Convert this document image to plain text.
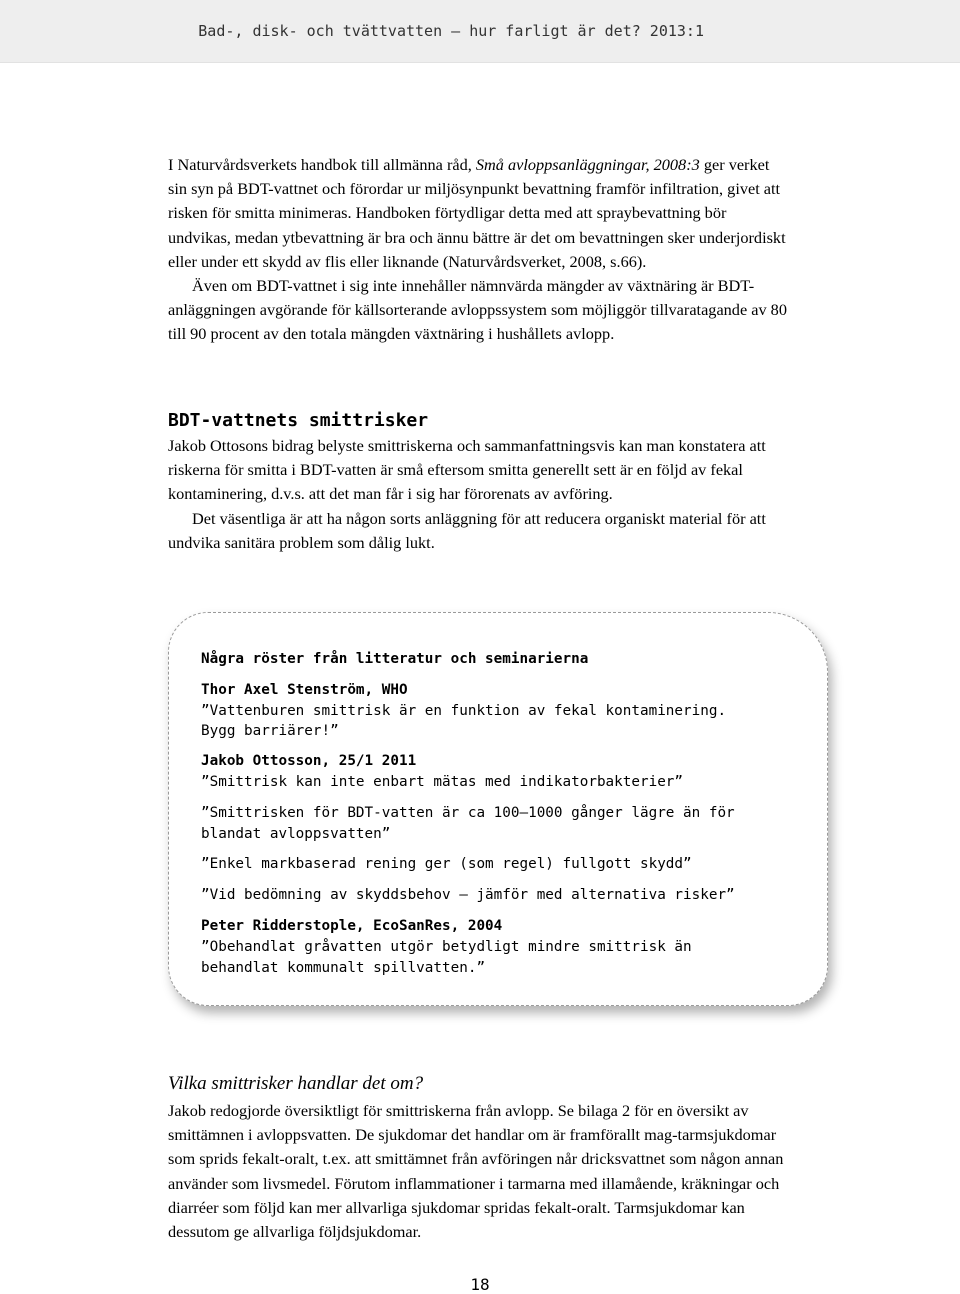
Bad-, disk- och tvättvatten – hur farligt är det? 2013:1

I Naturvårdsverkets handbok till allmänna råd, Små avloppsanläggningar, 2008:3 ger verket sin syn på BDT-vattnet och förordar ur miljösynpunkt bevattning framför infiltration, givet att risken för smitta minimeras. Handboken förtydligar detta med att spraybevattning bör undvikas, medan ytbevattning är bra och ännu bättre är det om bevattningen sker underjordiskt eller under ett skydd av flis eller liknande (Naturvårdsverket, 2008, s.66).

Även om BDT-vattnet i sig inte innehåller nämnvärda mängder av växtnäring är BDT-anläggningen avgörande för källsorterande avloppssystem som möjliggör tillvaratagande av 80 till 90 procent av den totala mängden växtnäring i hushållets avlopp.

BDT-vattnets smittrisker

Jakob Ottosons bidrag belyste smittriskerna och sammanfattningsvis kan man konstatera att riskerna för smitta i BDT-vatten är små eftersom smitta generellt sett är en följd av fekal kontaminering, d.v.s. att det man får i sig har förorenats av avföring.

Det väsentliga är att ha någon sorts anläggning för att reducera organiskt material för att undvika sanitära problem som dålig lukt.

Några röster från litteratur och seminarierna

Thor Axel Stenström, WHO

”Vattenburen smittrisk är en funktion av fekal kontaminering. Bygg barriärer!”

Jakob Ottosson, 25/1 2011

”Smittrisk kan inte enbart mätas med indikatorbakterier”

”Smittrisken för BDT-vatten är ca 100–1000 gånger lägre än för blandat avloppsvatten”

”Enkel markbaserad rening ger (som regel) fullgott skydd”

”Vid bedömning av skyddsbehov – jämför med alternativa risker”

Peter Ridderstople, EcoSanRes, 2004

”Obehandlat gråvatten utgör betydligt mindre smittrisk än behandlat kommunalt spillvatten.”

Vilka smittrisker handlar det om?

Jakob redogjorde översiktligt för smittriskerna från avlopp. Se bilaga 2 för en översikt av smittämnen i avloppsvatten. De sjukdomar det handlar om är framförallt mag-tarmsjukdomar som sprids fekalt-oralt, t.ex. att smittämnet från avföringen når dricksvattnet som någon annan använder som livsmedel. Förutom inflammationer i tarmarna med illamående, kräkningar och diarréer som följd kan mer allvarliga sjukdomar spridas fekalt-oralt. Tarmsjukdomar kan dessutom ge allvarliga följdsjukdomar.

18
